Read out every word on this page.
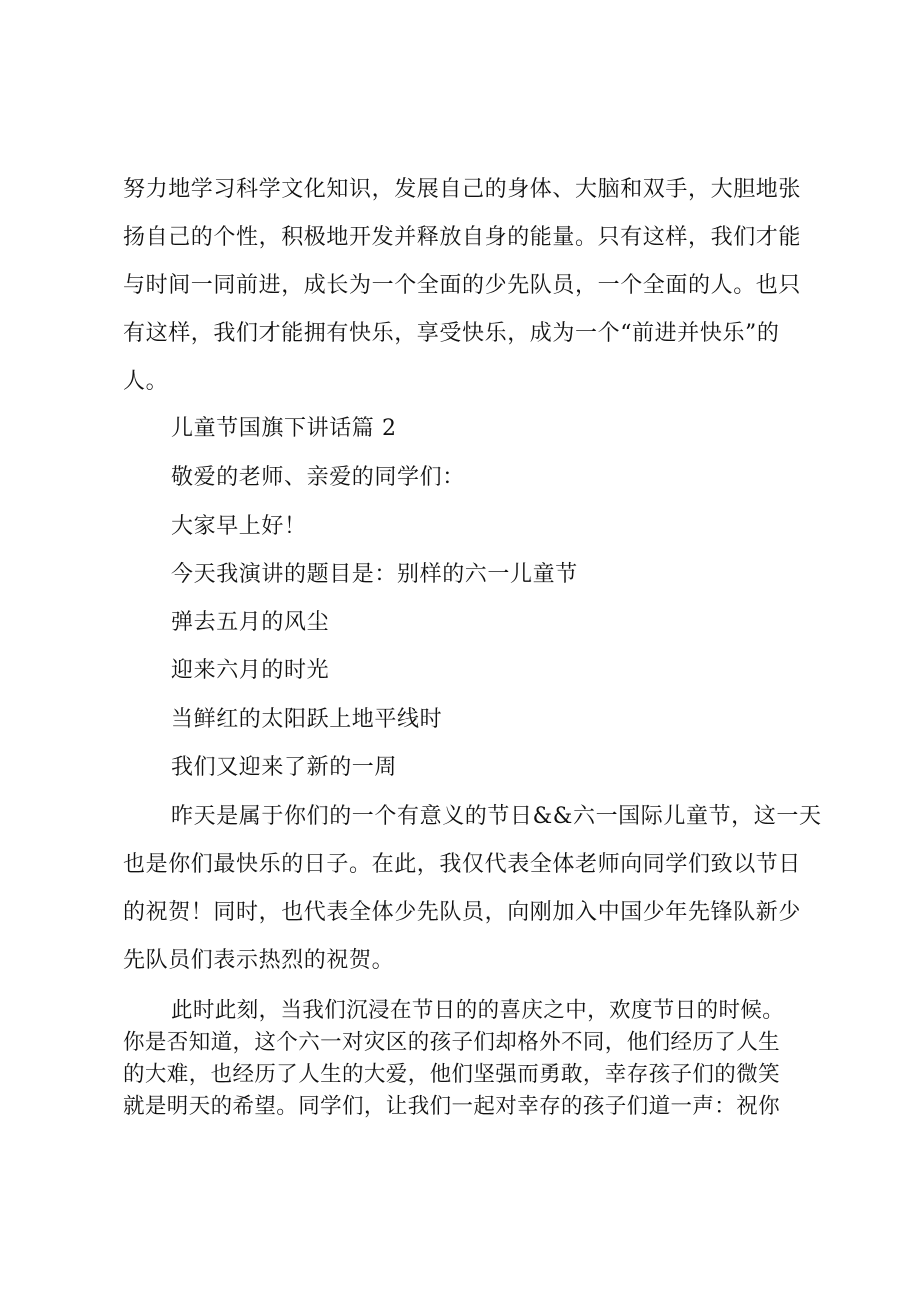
努力地学习科学文化知识，发展自己的身体、大脑和双手，大胆地张
扬自己的个性，积极地开发并释放自身的能量。只有这样，我们才能
与时间一同前进，成长为一个全面的少先队员，一个全面的人。也只
有这样，我们才能拥有快乐，享受快乐，成为一个“前进并快乐”的
人。
儿童节国旗下讲话篇 2
敬爱的老师、亲爱的同学们：
大家早上好！
今天我演讲的题目是：别样的六一儿童节
弹去五月的风尘
迎来六月的时光
当鲜红的太阳跃上地平线时
我们又迎来了新的一周
昨天是属于你们的一个有意义的节日&&六一国际儿童节，这一天
也是你们最快乐的日子。在此，我仅代表全体老师向同学们致以节日
的祝贺！同时，也代表全体少先队员，向刚加入中国少年先锋队新少
先队员们表示热烈的祝贺。
此时此刻，当我们沉浸在节日的的喜庆之中，欢度节日的时候。
你是否知道，这个六一对灾区的孩子们却格外不同，他们经历了人生
的大难，也经历了人生的大爱，他们坚强而勇敢，幸存孩子们的微笑
就是明天的希望。同学们，让我们一起对幸存的孩子们道一声：祝你
